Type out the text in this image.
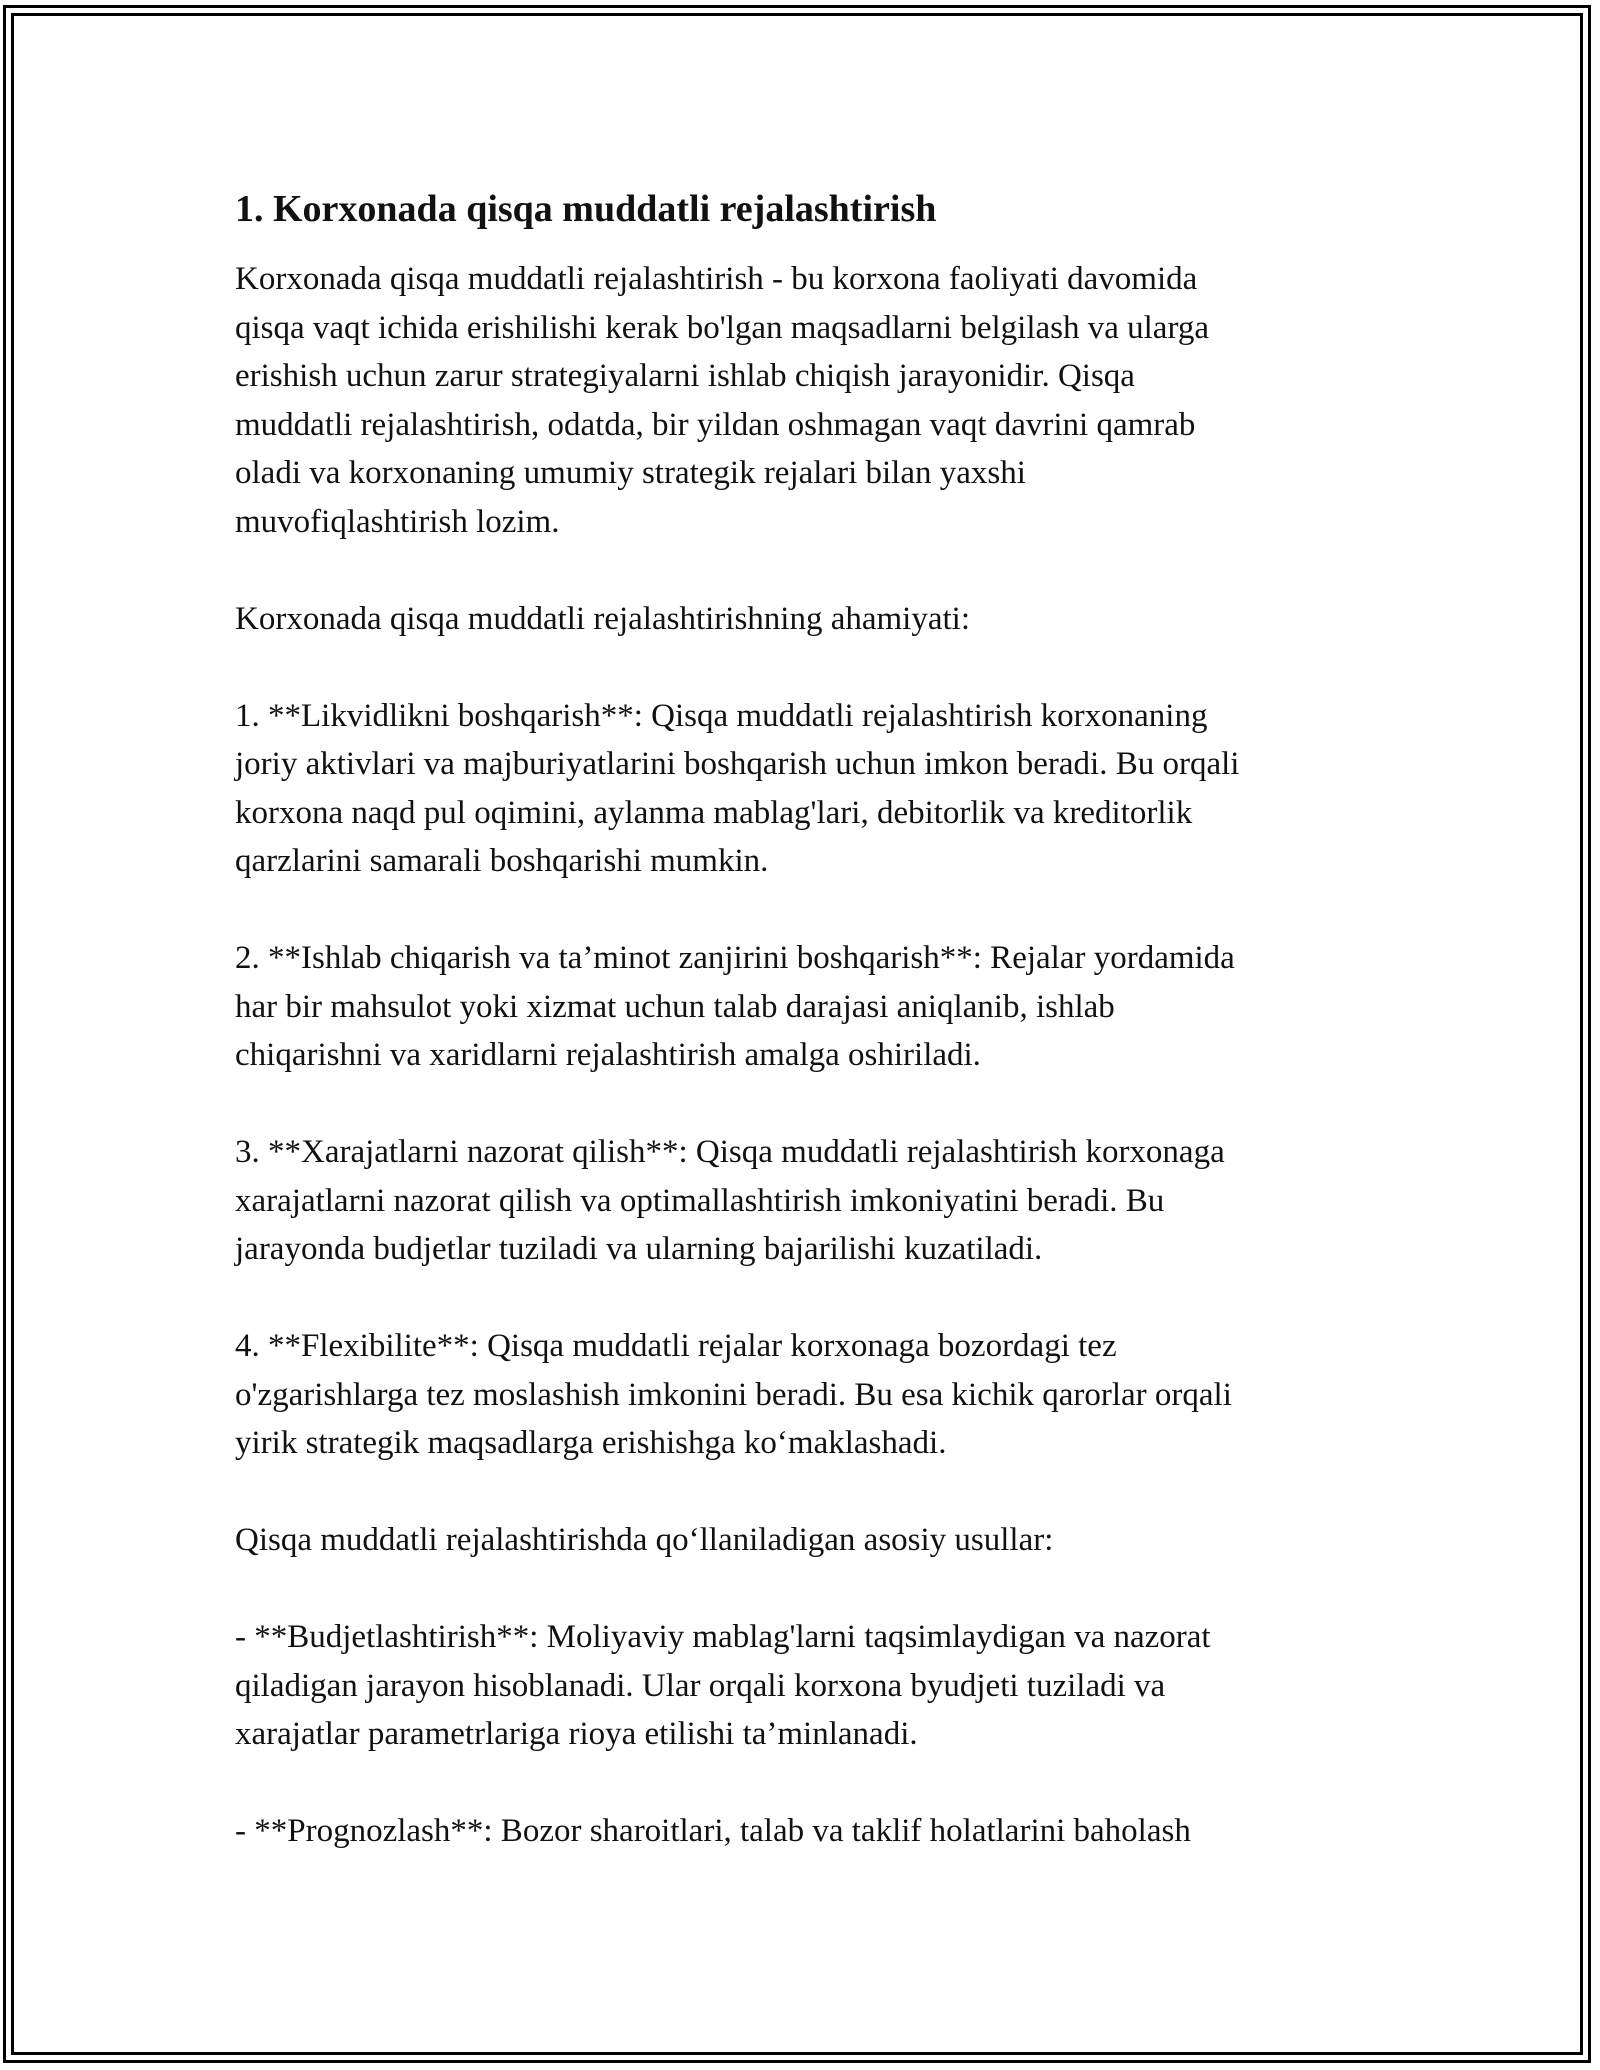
1. Korxonada qisqa muddatli rejalashtirish
Korxonada qisqa muddatli rejalashtirish - bu korxona faoliyati davomida
qisqa vaqt ichida erishilishi kerak bo'lgan maqsadlarni belgilash va ularga
erishish uchun zarur strategiyalarni ishlab chiqish jarayonidir. Qisqa
muddatli rejalashtirish, odatda, bir yildan oshmagan vaqt davrini qamrab
oladi va korxonaning umumiy strategik rejalari bilan yaxshi
muvofiqlashtirish lozim.
Korxonada qisqa muddatli rejalashtirishning ahamiyati:
1. **Likvidlikni boshqarish**: Qisqa muddatli rejalashtirish korxonaning
joriy aktivlari va majburiyatlarini boshqarish uchun imkon beradi. Bu orqali
korxona naqd pul oqimini, aylanma mablag'lari, debitorlik va kreditorlik
qarzlarini samarali boshqarishi mumkin.
2. **Ishlab chiqarish va ta’minot zanjirini boshqarish**: Rejalar yordamida
har bir mahsulot yoki xizmat uchun talab darajasi aniqlanib, ishlab
chiqarishni va xaridlarni rejalashtirish amalga oshiriladi.
3. **Xarajatlarni nazorat qilish**: Qisqa muddatli rejalashtirish korxonaga
xarajatlarni nazorat qilish va optimallashtirish imkoniyatini beradi. Bu
jarayonda budjetlar tuziladi va ularning bajarilishi kuzatiladi.
4. **Flexibilite**: Qisqa muddatli rejalar korxonaga bozordagi tez
o'zgarishlarga tez moslashish imkonini beradi. Bu esa kichik qarorlar orqali
yirik strategik maqsadlarga erishishga ko‘maklashadi.
Qisqa muddatli rejalashtirishda qo‘llaniladigan asosiy usullar:
- **Budjetlashtirish**: Moliyaviy mablag'larni taqsimlaydigan va nazorat
qiladigan jarayon hisoblanadi. Ular orqali korxona byudjeti tuziladi va
xarajatlar parametrlariga rioya etilishi ta’minlanadi.
- **Prognozlash**: Bozor sharoitlari, talab va taklif holatlarini baholash
